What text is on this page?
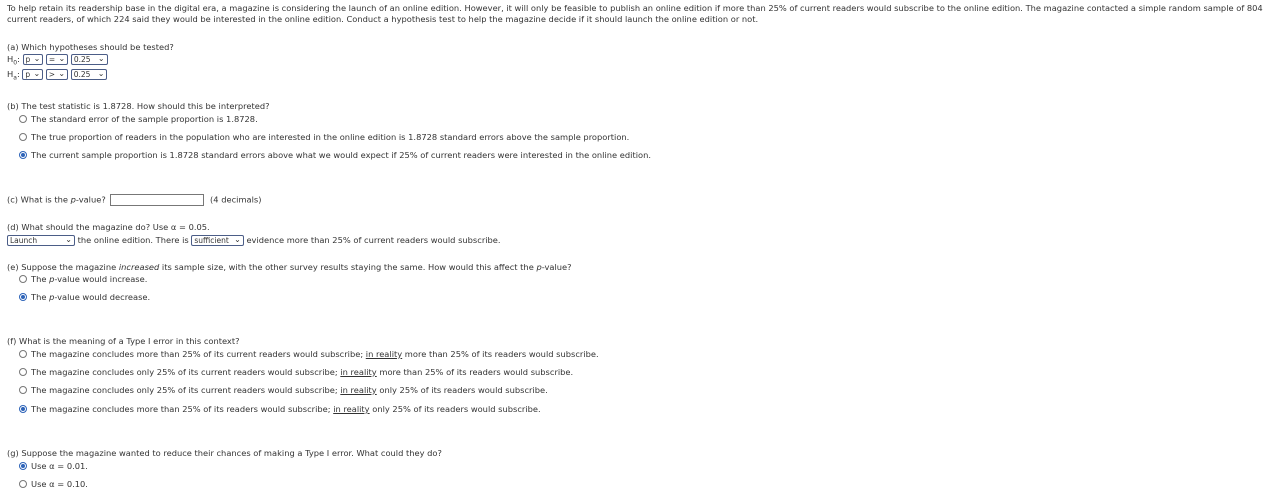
To help retain its readership base in the digital era, a magazine is considering the launch of an online edition. However, it will only be feasible to publish an online edition if more than 25% of current readers would subscribe to the online edition. The magazine contacted a simple random sample of 804 current readers, of which 224 said they would be interested in the online edition. Conduct a hypothesis test to help the magazine decide if it should launch the online edition or not.
(a) Which hypotheses should be tested?
$H_0$: p ⌄ = ⌄ 0.25 ⌄
$H_a$: p ⌄ > ⌄ 0.25 ⌄
(b) The test statistic is 1.8728. How should this be interpreted?
The standard error of the sample proportion is 1.8728.
The true proportion of readers in the population who are interested in the online edition is 1.8728 standard errors above the sample proportion.
The current sample proportion is 1.8728 standard errors above what we would expect if 25% of current readers were interested in the online edition.
(c) What is the p-value?	(4 decimals)
(d) What should the magazine do? Use α = 0.05.
Launch	⌄ the online edition. There is sufficient ⌄ evidence more than 25% of current readers would subscribe.
(e) Suppose the magazine increased its sample size, with the other survey results staying the same. How would this affect the p-value?
The p-value would increase.
The p-value would decrease.
(f) What is the meaning of a Type I error in this context?
The magazine concludes more than 25% of its current readers would subscribe; in reality more than 25% of its readers would subscribe.
The magazine concludes only 25% of its current readers would subscribe; in reality more than 25% of its readers would subscribe.
The magazine concludes only 25% of its current readers would subscribe; in reality only 25% of its readers would subscribe.
The magazine concludes more than 25% of its readers would subscribe; in reality only 25% of its readers would subscribe.
(g) Suppose the magazine wanted to reduce their chances of making a Type I error. What could they do?
Use α = 0.01.
Use α = 0.10.
